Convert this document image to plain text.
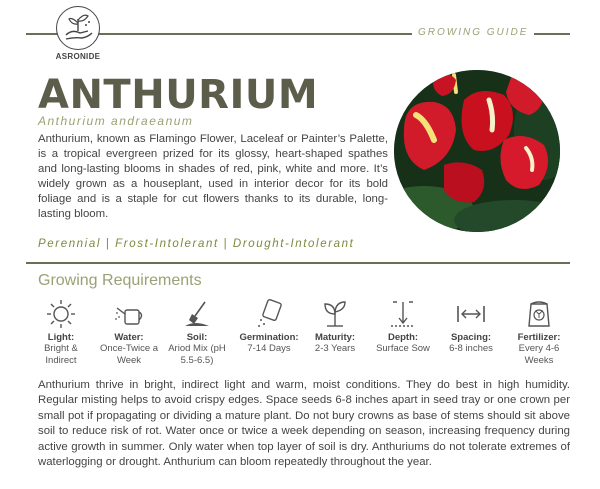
ASRONIDE
GROWING GUIDE
ANTHURIUM
Anthurium andraeanum
Anthurium, known as Flamingo Flower, Laceleaf or Painter’s Palette, is a tropical evergreen prized for its glossy, heart-shaped spathes and long-lasting blooms in shades of red, pink, white and more. It’s widely grown as a houseplant, used in interior decor for its bold foliage and is a staple for cut flowers thanks to its durable, long-lasting bloom.
Perennial | Frost-Intolerant | Drought-Intolerant
Growing Requirements
Light:
Bright & Indirect
Water:
Once-Twice a Week
Soil:
Ariod Mix (pH 5.5-6.5)
Germination:
7-14 Days
Maturity:
2-3 Years
Depth:
Surface Sow
Spacing:
6-8 inches
Fertilizer:
Every 4-6 Weeks
Anthurium thrive in bright, indirect light and warm, moist conditions. They do best in high humidity. Regular misting helps to avoid crispy edges. Space seeds 6-8 inches apart in seed tray or one crown per small pot if propagating or dividing a mature plant. Do not bury crowns as base of stems should sit above soil to reduce risk of rot. Water once or twice a week depending on season, increasing frequency during active growth in summer. Only water when top layer of soil is dry. Anthuriums do not tolerate extremes of waterlogging or drought. Anthurium can bloom repeatedly throughout the year.
